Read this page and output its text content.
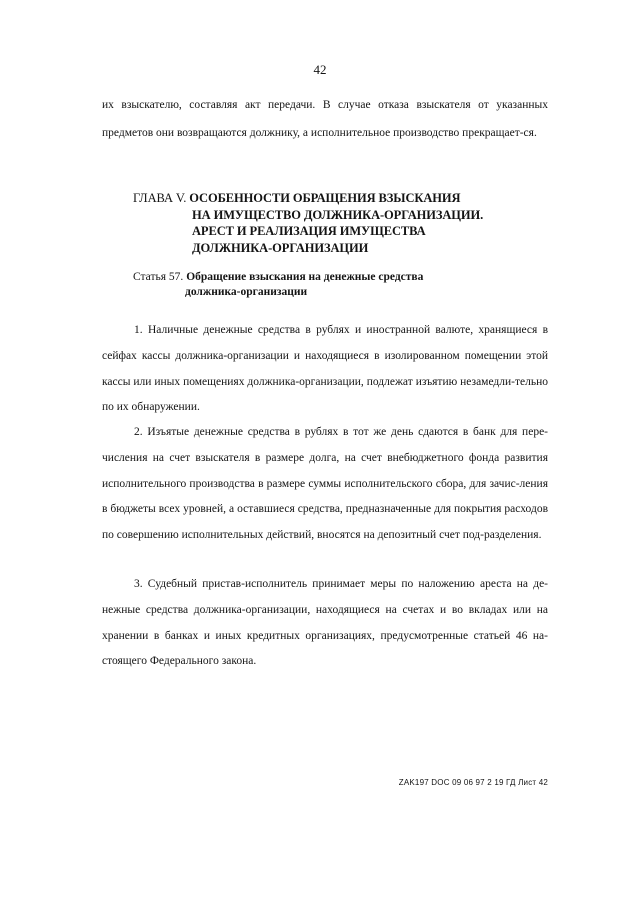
42
их взыскателю, составляя акт передачи. В случае отказа взыскателя от указанных предметов они возвращаются должнику, а исполнительное производство прекращает-ся.
ГЛАВА V. ОСОБЕННОСТИ ОБРАЩЕНИЯ ВЗЫСКАНИЯ
НА ИМУЩЕСТВО ДОЛЖНИКА-ОРГАНИЗАЦИИ.
АРЕСТ И РЕАЛИЗАЦИЯ ИМУЩЕСТВА
ДОЛЖНИКА-ОРГАНИЗАЦИИ
Статья 57. Обращение взыскания на денежные средства
должника-организации
1. Наличные денежные средства в рублях и иностранной валюте, хранящиеся в сейфах кассы должника-организации и находящиеся в изолированном помещении этой кассы или иных помещениях должника-организации, подлежат изъятию незамедли-тельно по их обнаружении.
2. Изъятые денежные средства в рублях в тот же день сдаются в банк для пере-числения на счет взыскателя в размере долга, на счет внебюджетного фонда развития исполнительного производства в размере суммы исполнительского сбора, для зачис-ления в бюджеты всех уровней, а оставшиеся средства, предназначенные для покрытия расходов по совершению исполнительных действий, вносятся на депозитный счет под-разделения.
3. Судебный пристав-исполнитель принимает меры по наложению ареста на де-нежные средства должника-организации, находящиеся на счетах и во вкладах или на хранении в банках и иных кредитных организациях, предусмотренные статьей 46 на-стоящего Федерального закона.
ZAK197 DOC 09 06 97 2 19 ГД Лист 42
